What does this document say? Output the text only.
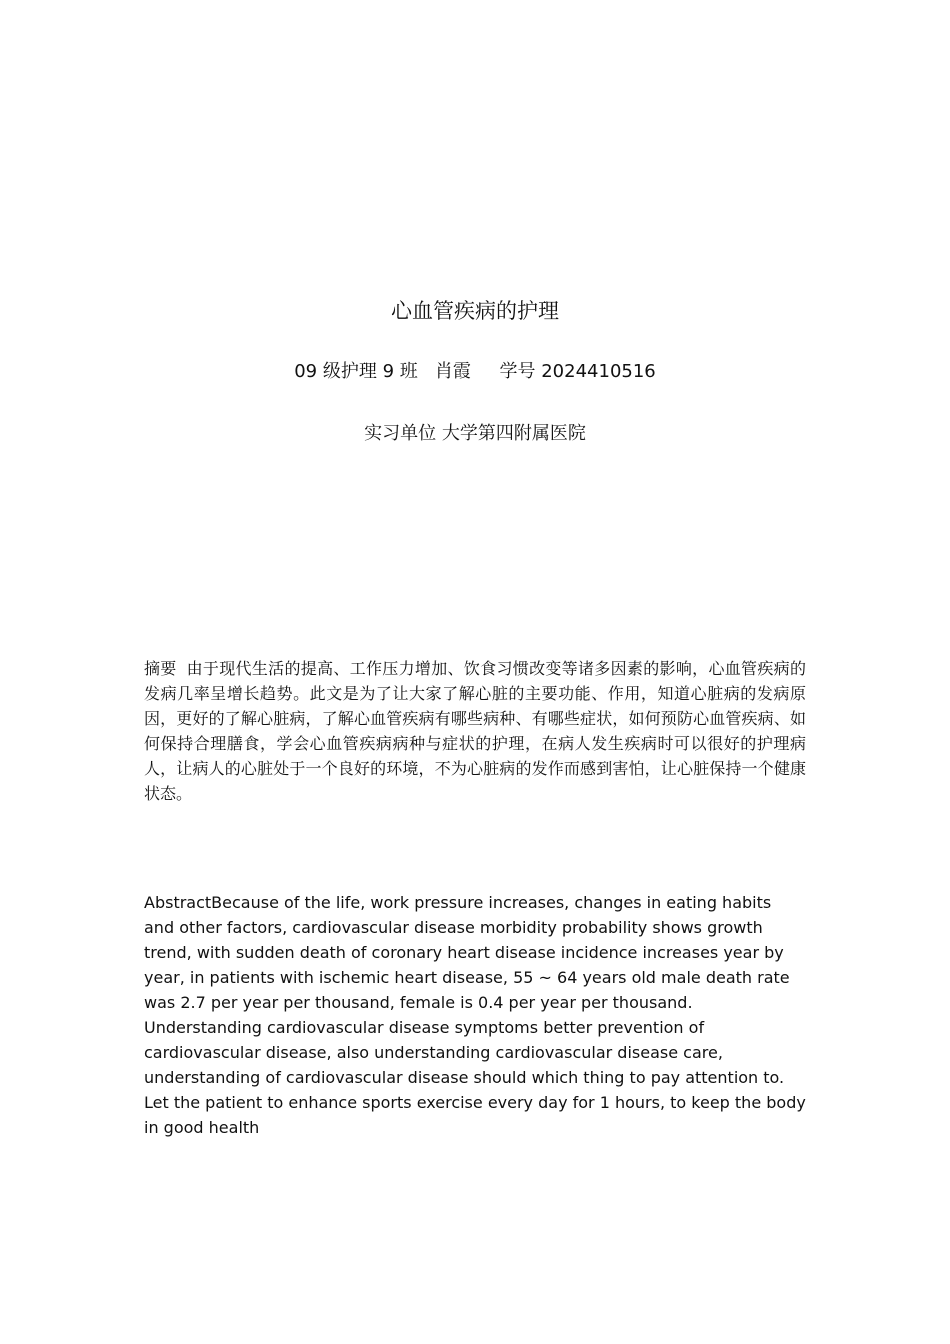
心血管疾病的护理
09 级护理 9 班   肖霞     学号 2024410516
实习单位 大学第四附属医院

摘要 由于现代生活的提高、工作压力增加、饮食习惯改变等诸多因素的影响，心血管疾病的发病几率呈增长趋势。此文是为了让大家了解心脏的主要功能、作用，知道心脏病的发病原因，更好的了解心脏病，了解心血管疾病有哪些病种、有哪些症状，如何预防心血管疾病、如何保持合理膳食，学会心血管疾病病种与症状的护理，在病人发生疾病时可以很好的护理病人，让病人的心脏处于一个良好的环境，不为心脏病的发作而感到害怕，让心脏保持一个健康状态。

AbstractBecause of the life, work pressure increases, changes in eating habits and other factors, cardiovascular disease morbidity probability shows growth trend, with sudden death of coronary heart disease incidence increases year by year, in patients with ischemic heart disease, 55 ~ 64 years old male death rate was 2.7 per year per thousand, female is 0.4 per year per thousand. Understanding cardiovascular disease symptoms better prevention of cardiovascular disease, also understanding cardiovascular disease care, understanding of cardiovascular disease should which thing to pay attention to. Let the patient to enhance sports exercise every day for 1 hours, to keep the body in good health
